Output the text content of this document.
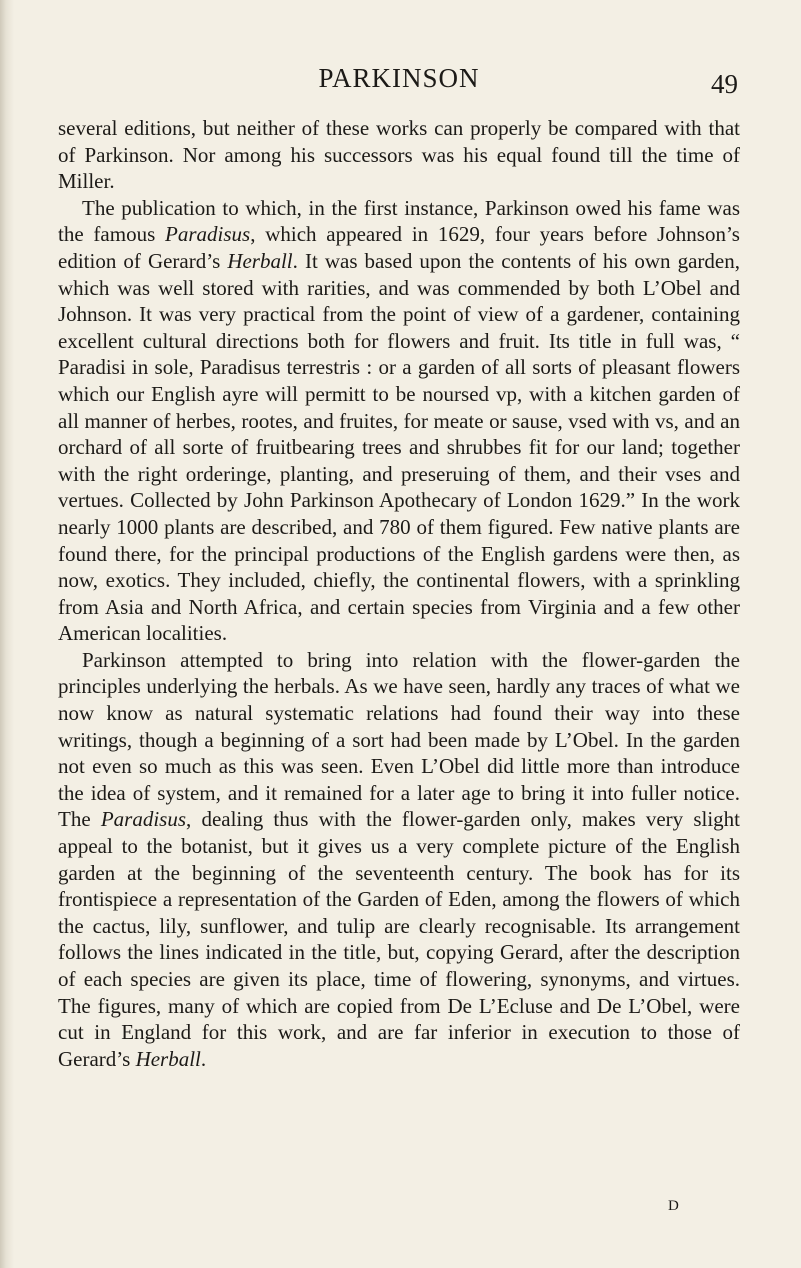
PARKINSON	49

several editions, but neither of these works can properly be compared with that of Parkinson. Nor among his successors was his equal found till the time of Miller.

The publication to which, in the first instance, Parkinson owed his fame was the famous Paradisus, which appeared in 1629, four years before Johnson’s edition of Gerard’s Herball. It was based upon the contents of his own garden, which was well stored with rarities, and was commended by both L’Obel and Johnson. It was very practical from the point of view of a gardener, containing excellent cultural directions both for flowers and fruit. Its title in full was, “ Paradisi in sole, Paradisus terrestris : or a garden of all sorts of pleasant flowers which our English ayre will permitt to be noursed vp, with a kitchen garden of all manner of herbes, rootes, and fruites, for meate or sause, vsed with vs, and an orchard of all sorte of fruitbearing trees and shrubbes fit for our land; together with the right orderinge, planting, and preseruing of them, and their vses and vertues. Collected by John Parkinson Apothecary of London 1629.” In the work nearly 1000 plants are described, and 780 of them figured. Few native plants are found there, for the principal productions of the English gardens were then, as now, exotics. They included, chiefly, the continental flowers, with a sprinkling from Asia and North Africa, and certain species from Virginia and a few other American localities.

Parkinson attempted to bring into relation with the flower-garden the principles underlying the herbals. As we have seen, hardly any traces of what we now know as natural systematic relations had found their way into these writings, though a beginning of a sort had been made by L’Obel. In the garden not even so much as this was seen. Even L’Obel did little more than introduce the idea of system, and it remained for a later age to bring it into fuller notice. The Paradisus, dealing thus with the flower-garden only, makes very slight appeal to the botanist, but it gives us a very complete picture of the English garden at the beginning of the seventeenth century. The book has for its frontispiece a representation of the Garden of Eden, among the flowers of which the cactus, lily, sunflower, and tulip are clearly recognisable. Its arrangement follows the lines indicated in the title, but, copying Gerard, after the description of each species are given its place, time of flowering, synonyms, and virtues. The figures, many of which are copied from De L’Ecluse and De L’Obel, were cut in England for this work, and are far inferior in execution to those of Gerard’s Herball.

D
